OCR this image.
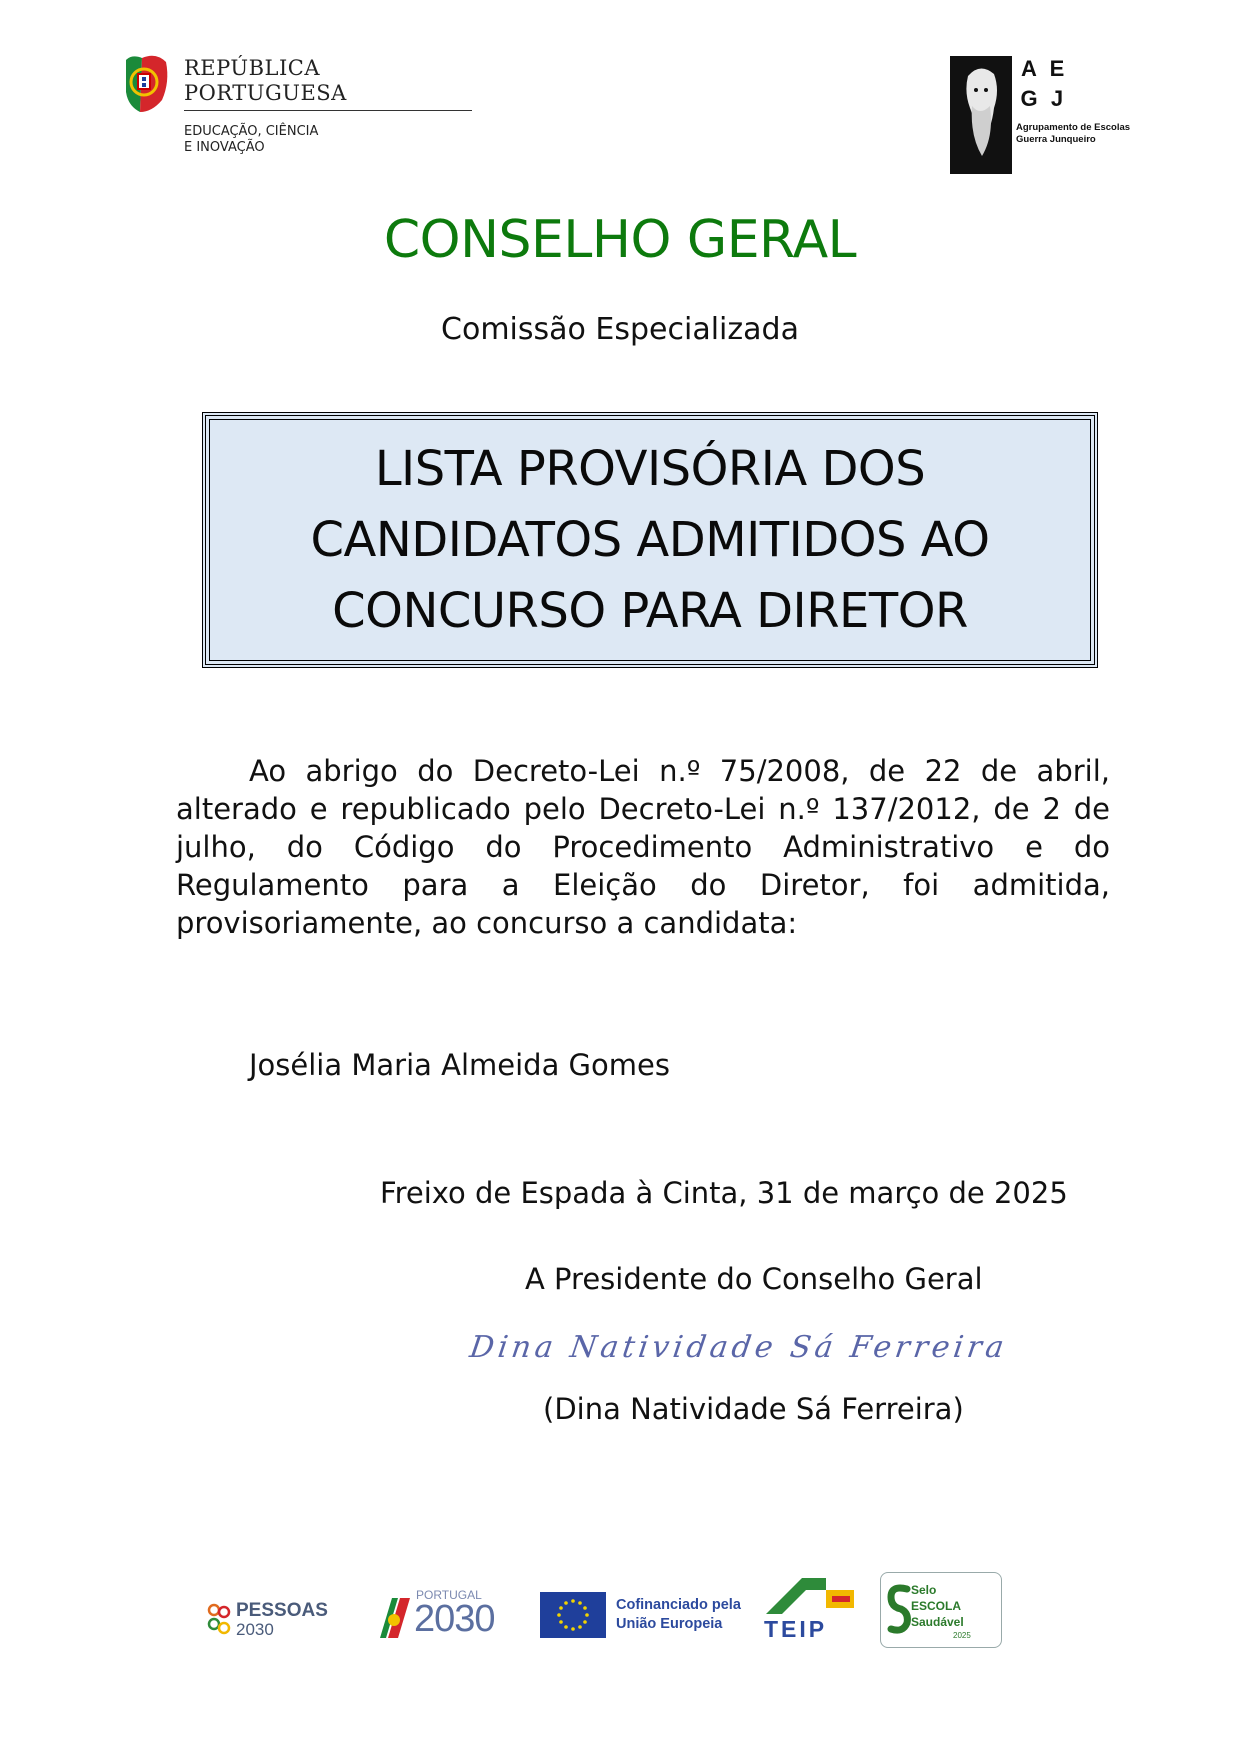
REPÚBLICA
PORTUGUESA
EDUCAÇÃO, CIÊNCIA
E INOVAÇÃO
A E
G J
Agrupamento de Escolas
Guerra Junqueiro
CONSELHO GERAL
Comissão Especializada
LISTA PROVISÓRIA DOS
CANDIDATOS ADMITIDOS AO
CONCURSO PARA DIRETOR
Ao abrigo do Decreto-Lei n.º 75/2008, de 22 de abril, alterado e republicado pelo Decreto-Lei n.º 137/2012, de 2 de julho, do Código do Procedimento Administrativo e do Regulamento para a Eleição do Diretor, foi admitida, provisoriamente, ao concurso a candidata:
Josélia Maria Almeida Gomes
Freixo de Espada à Cinta, 31 de março de 2025
A Presidente do Conselho Geral
Dina Natividade Sá Ferreira
(Dina Natividade Sá Ferreira)
PESSOAS
2030
PORTUGAL
2030	Cofinanciado pela União Europeia	TEIP
Selo
ESCOLA
Saudável
2025
